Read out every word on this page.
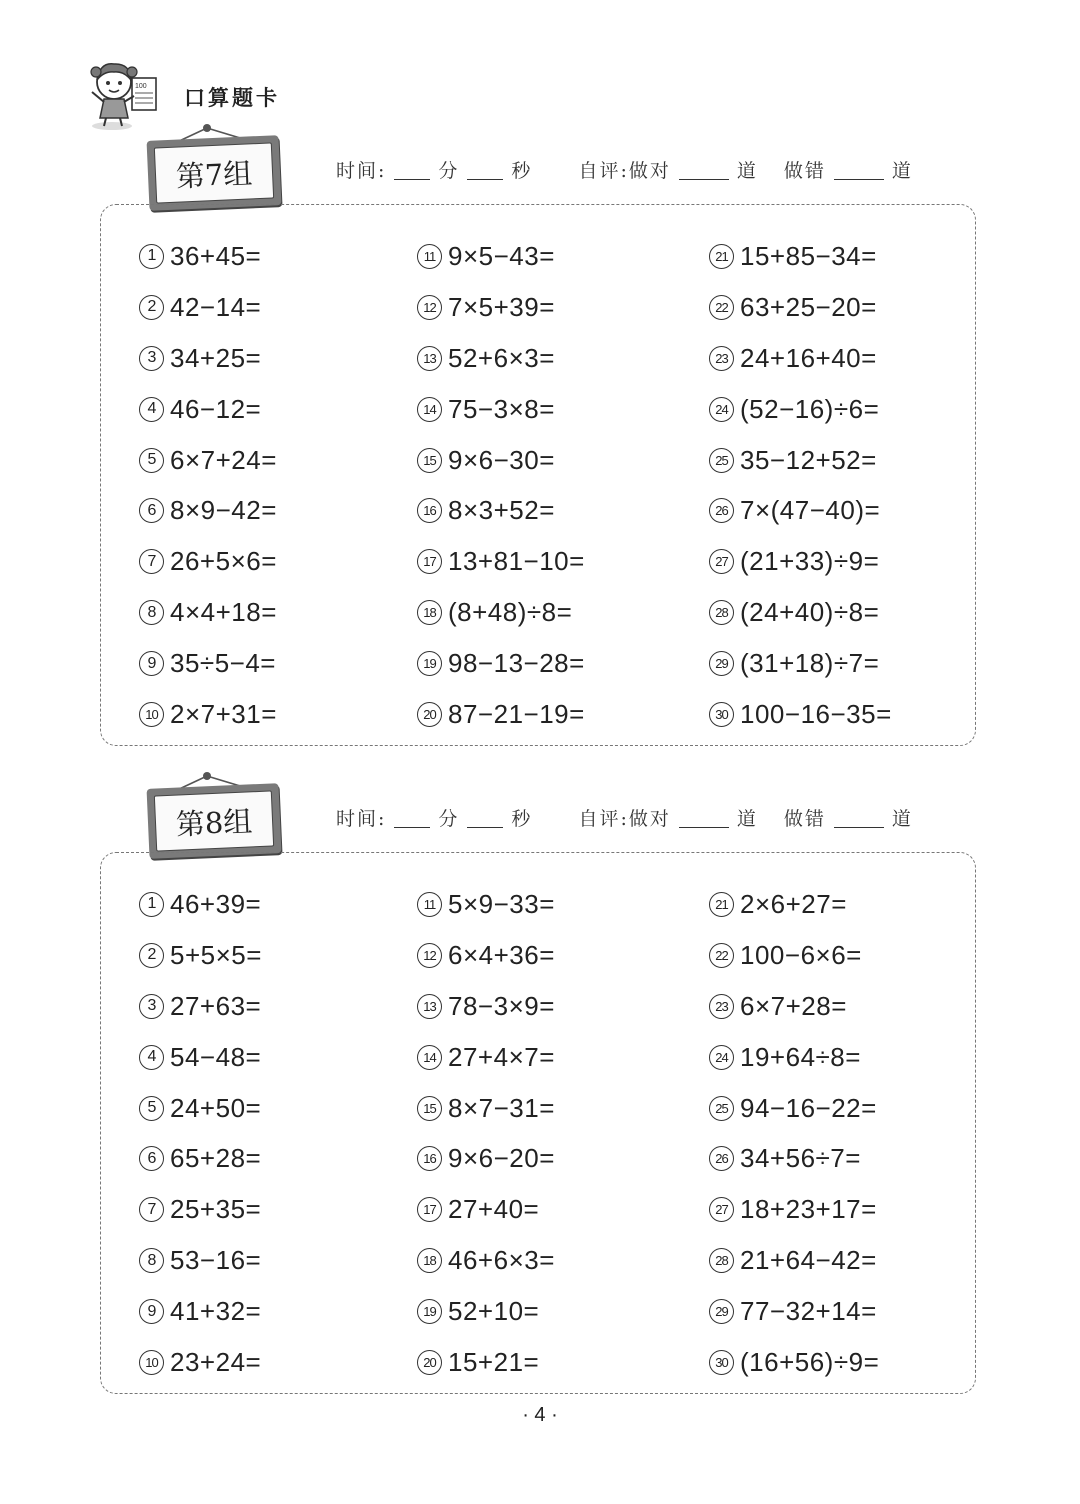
100 口算题卡
第7组	时间:	分	秒 自评:做对	道 做错	道
1 36+45=
2 42−14=
3 34+25=
4 46−12=
5 6×7+24=
6 8×9−42=
7 26+5×6=
8 4×4+18=
9 35÷5−4=
10 2×7+31=
11 9×5−43=
12 7×5+39=
13 52+6×3=
14 75−3×8=
15 9×6−30=
16 8×3+52=
17 13+81−10=
18 (8+48)÷8=
19 98−13−28=
20 87−21−19=
21 15+85−34=
22 63+25−20=
23 24+16+40=
24 (52−16)÷6=
25 35−12+52=
26 7×(47−40)=
27 (21+33)÷9=
28 (24+40)÷8=
29 (31+18)÷7=
30 100−16−35=
第8组	时间:	分	秒 自评:做对	道 做错	道
1 46+39=
2 5+5×5=
3 27+63=
4 54−48=
5 24+50=
6 65+28=
7 25+35=
8 53−16=
9 41+32=
10 23+24=
11 5×9−33=
12 6×4+36=
13 78−3×9=
14 27+4×7=
15 8×7−31=
16 9×6−20=
17 27+40=
18 46+6×3=
19 52+10=
20 15+21=
21 2×6+27=
22 100−6×6=
23 6×7+28=
24 19+64÷8=
25 94−16−22=
26 34+56÷7=
27 18+23+17=
28 21+64−42=
29 77−32+14=
30 (16+56)÷9=
· 4 ·
